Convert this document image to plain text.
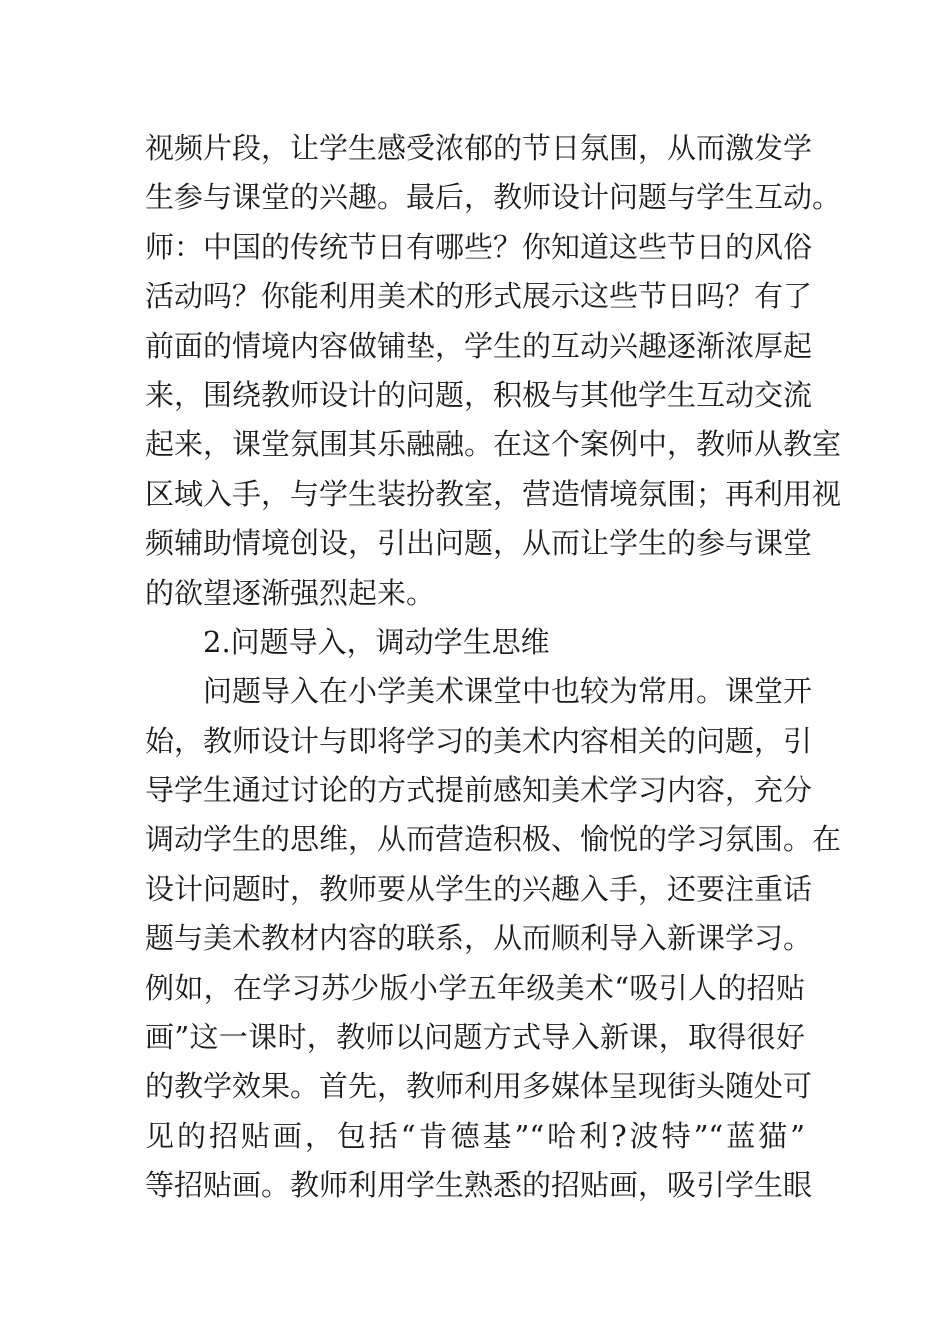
视频片段，让学生感受浓郁的节日氛围，从而激发学
生参与课堂的兴趣。最后，教师设计问题与学生互动。
师：中国的传统节日有哪些？你知道这些节日的风俗
活动吗？你能利用美术的形式展示这些节日吗？有了
前面的情境内容做铺垫，学生的互动兴趣逐渐浓厚起
来，围绕教师设计的问题，积极与其他学生互动交流
起来，课堂氛围其乐融融。在这个案例中，教师从教室
区域入手，与学生装扮教室，营造情境氛围；再利用视
频辅助情境创设，引出问题，从而让学生的参与课堂
的欲望逐渐强烈起来。
2.问题导入，调动学生思维
问题导入在小学美术课堂中也较为常用。课堂开
始，教师设计与即将学习的美术内容相关的问题，引
导学生通过讨论的方式提前感知美术学习内容，充分
调动学生的思维，从而营造积极、愉悦的学习氛围。在
设计问题时，教师要从学生的兴趣入手，还要注重话
题与美术教材内容的联系，从而顺利导入新课学习。
例如，在学习苏少版小学五年级美术“吸引人的招贴
画”这一课时，教师以问题方式导入新课，取得很好
的教学效果。首先，教师利用多媒体呈现街头随处可
见的招贴画，包括“肯德基”“哈利?波特”“蓝猫”
等招贴画。教师利用学生熟悉的招贴画，吸引学生眼
